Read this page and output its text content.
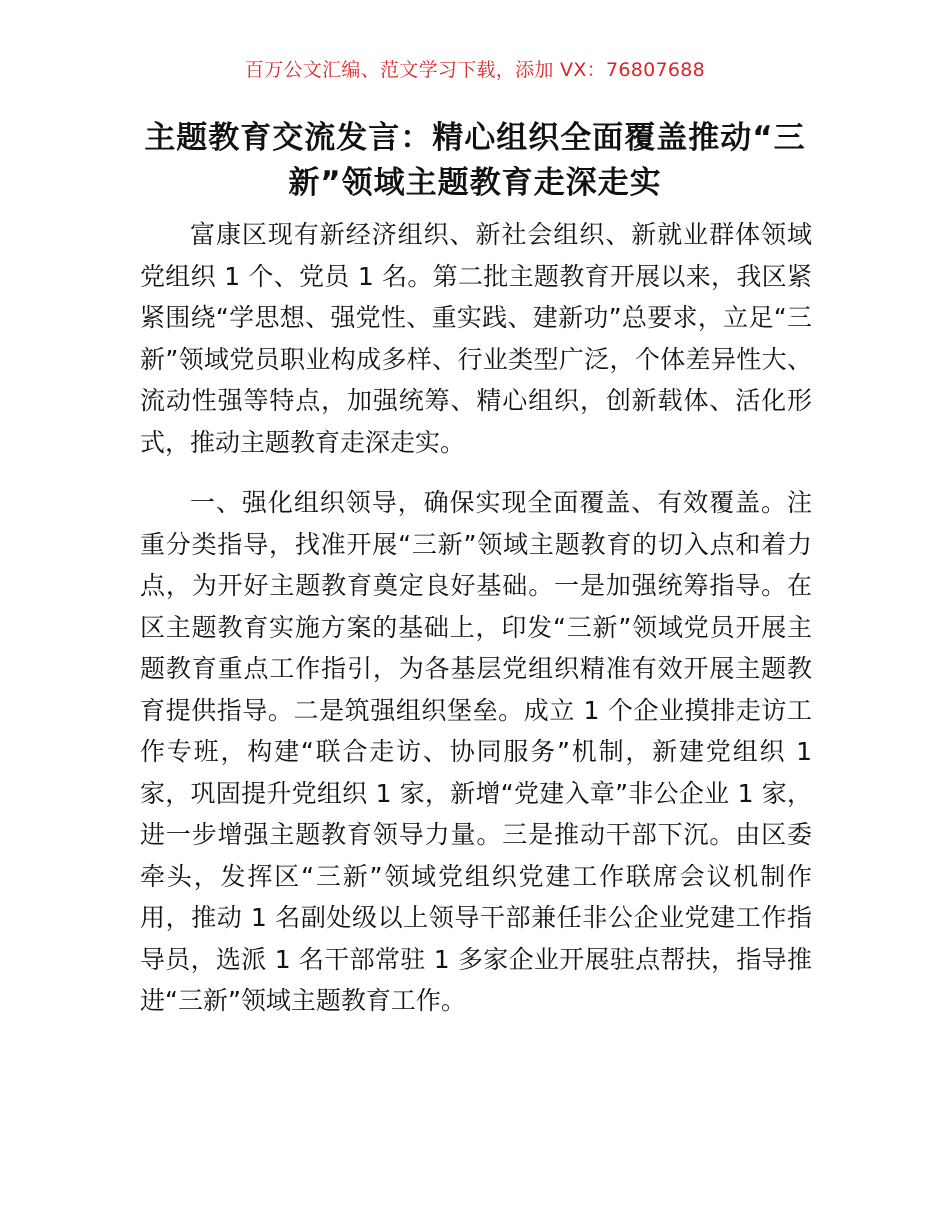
百万公文汇编、范文学习下载，添加 VX：76807688
主题教育交流发言：精心组织全面覆盖推动“三新”领域主题教育走深走实

富康区现有新经济组织、新社会组织、新就业群体领域党组织 1 个、党员 1 名。第二批主题教育开展以来，我区紧紧围绕“学思想、强党性、重实践、建新功”总要求，立足“三新”领域党员职业构成多样、行业类型广泛，个体差异性大、流动性强等特点，加强统筹、精心组织，创新载体、活化形式，推动主题教育走深走实。

一、强化组织领导，确保实现全面覆盖、有效覆盖。注重分类指导，找准开展“三新”领域主题教育的切入点和着力点，为开好主题教育奠定良好基础。一是加强统筹指导。在区主题教育实施方案的基础上，印发“三新”领域党员开展主题教育重点工作指引，为各基层党组织精准有效开展主题教育提供指导。二是筑强组织堡垒。成立 1 个企业摸排走访工作专班，构建“联合走访、协同服务”机制，新建党组织 1 家，巩固提升党组织 1 家，新增“党建入章”非公企业 1 家，进一步增强主题教育领导力量。三是推动干部下沉。由区委牵头，发挥区“三新”领域党组织党建工作联席会议机制作用，推动 1 名副处级以上领导干部兼任非公企业党建工作指导员，选派 1 名干部常驻 1 多家企业开展驻点帮扶，指导推进“三新”领域主题教育工作。
